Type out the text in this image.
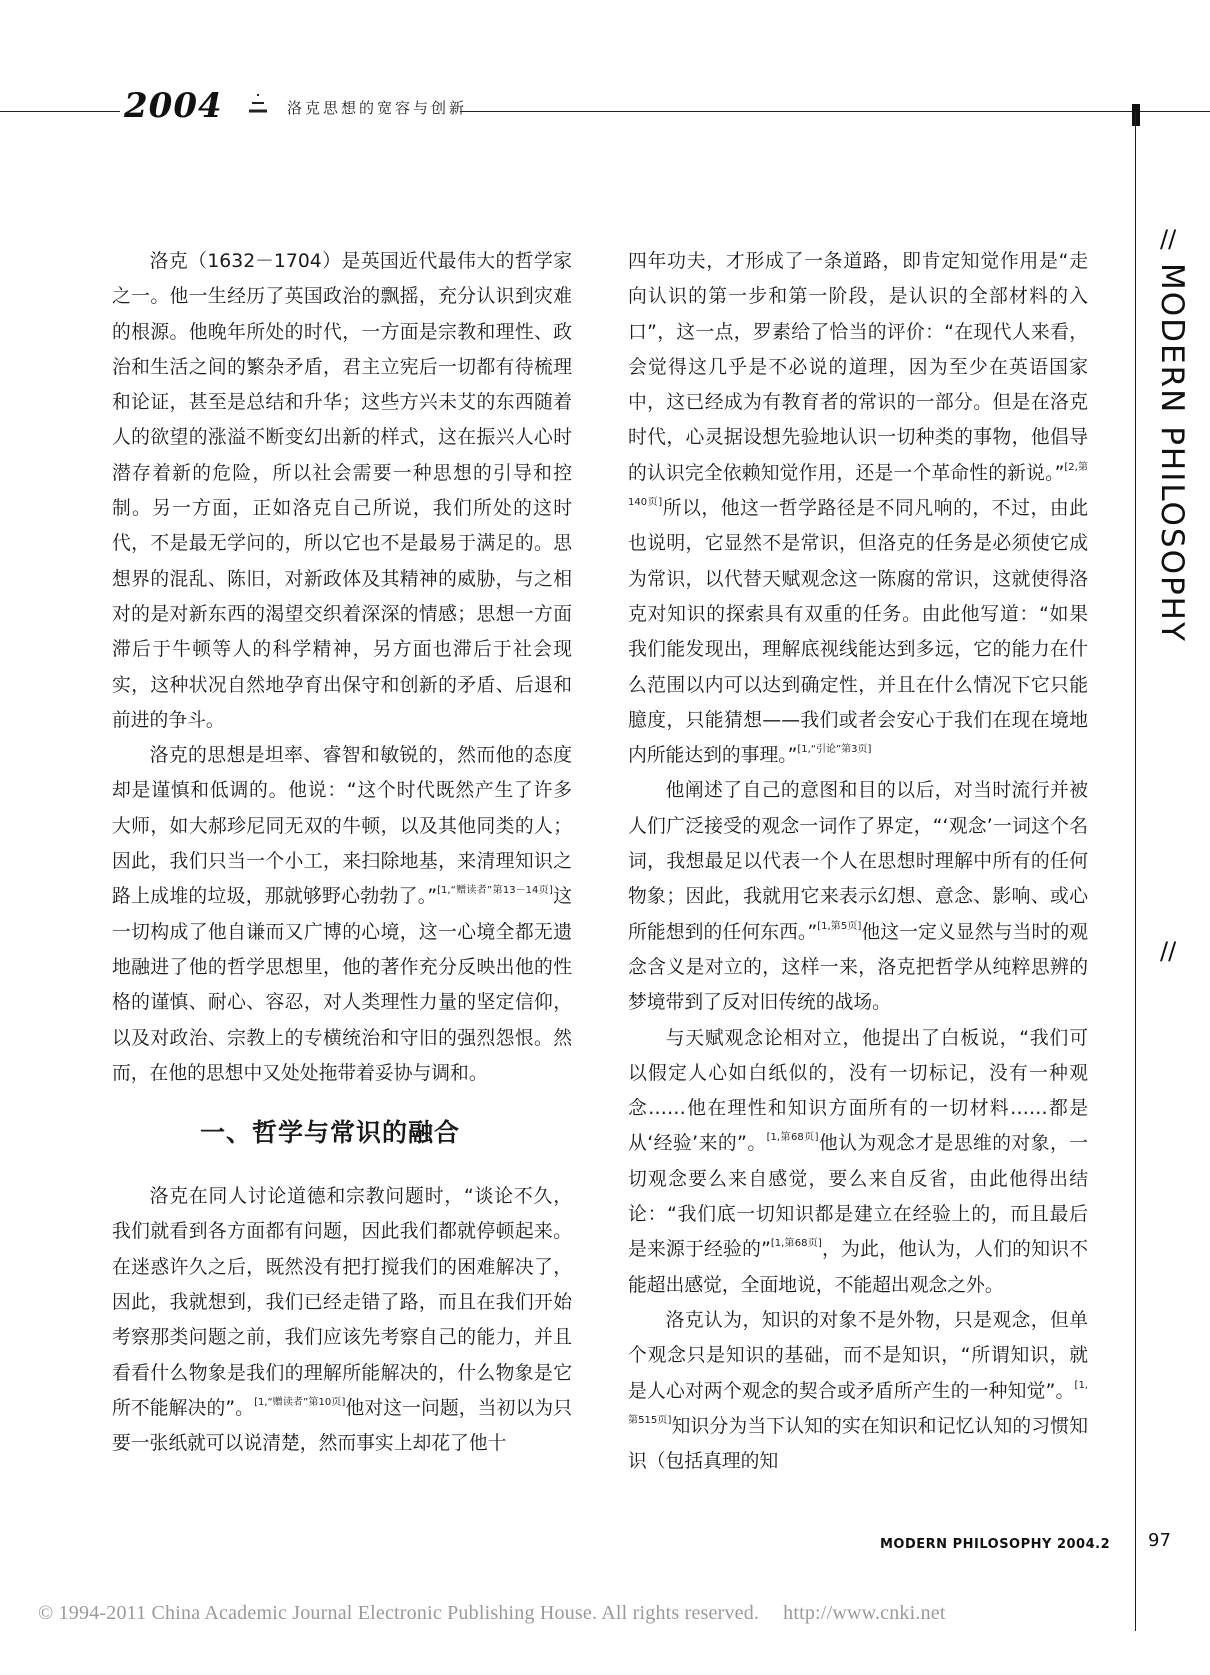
2004	洛克思想的宽容与创新
//
MODERN PHILOSOPHY
//

洛克（1632－1704）是英国近代最伟大的哲学家之一。他一生经历了英国政治的飘摇，充分认识到灾难的根源。他晚年所处的时代，一方面是宗教和理性、政治和生活之间的繁杂矛盾，君主立宪后一切都有待梳理和论证，甚至是总结和升华；这些方兴未艾的东西随着人的欲望的涨溢不断变幻出新的样式，这在振兴人心时潜存着新的危险，所以社会需要一种思想的引导和控制。另一方面，正如洛克自己所说，我们所处的这时代，不是最无学问的，所以它也不是最易于满足的。思想界的混乱、陈旧，对新政体及其精神的威胁，与之相对的是对新东西的渴望交织着深深的情感；思想一方面滞后于牛顿等人的科学精神，另方面也滞后于社会现实，这种状况自然地孕育出保守和创新的矛盾、后退和前进的争斗。

洛克的思想是坦率、睿智和敏锐的，然而他的态度却是谨慎和低调的。他说：“这个时代既然产生了许多大师，如大郝珍尼同无双的牛顿，以及其他同类的人；因此，我们只当一个小工，来扫除地基，来清理知识之路上成堆的垃圾，那就够野心勃勃了。”[1,“赠读者”第13－14页]这一切构成了他自谦而又广博的心境，这一心境全都无遗地融进了他的哲学思想里，他的著作充分反映出他的性格的谨慎、耐心、容忍，对人类理性力量的坚定信仰，以及对政治、宗教上的专横统治和守旧的强烈怨恨。然而，在他的思想中又处处拖带着妥协与调和。

一、哲学与常识的融合

洛克在同人讨论道德和宗教问题时，“谈论不久，我们就看到各方面都有问题，因此我们都就停顿起来。在迷惑许久之后，既然没有把打搅我们的困难解决了，因此，我就想到，我们已经走错了路，而且在我们开始考察那类问题之前，我们应该先考察自己的能力，并且看看什么物象是我们的理解所能解决的，什么物象是它所不能解决的”。[1,“赠读者”第10页]他对这一问题，当初以为只要一张纸就可以说清楚，然而事实上却花了他十

四年功夫，才形成了一条道路，即肯定知觉作用是“走向认识的第一步和第一阶段，是认识的全部材料的入口”，这一点，罗素给了恰当的评价：“在现代人来看，会觉得这几乎是不必说的道理，因为至少在英语国家中，这已经成为有教育者的常识的一部分。但是在洛克时代，心灵据设想先验地认识一切种类的事物，他倡导的认识完全依赖知觉作用，还是一个革命性的新说。”[2,第140页]所以，他这一哲学路径是不同凡响的，不过，由此也说明，它显然不是常识，但洛克的任务是必须使它成为常识，以代替天赋观念这一陈腐的常识，这就使得洛克对知识的探索具有双重的任务。由此他写道：“如果我们能发现出，理解底视线能达到多远，它的能力在什么范围以内可以达到确定性，并且在什么情况下它只能臆度，只能猜想——我们或者会安心于我们在现在境地内所能达到的事理。”[1,“引论”第3页]

他阐述了自己的意图和目的以后，对当时流行并被人们广泛接受的观念一词作了界定，“‘观念’一词这个名词，我想最足以代表一个人在思想时理解中所有的任何物象；因此，我就用它来表示幻想、意念、影响、或心所能想到的任何东西。”[1,第5页]他这一定义显然与当时的观念含义是对立的，这样一来，洛克把哲学从纯粹思辨的梦境带到了反对旧传统的战场。

与天赋观念论相对立，他提出了白板说，“我们可以假定人心如白纸似的，没有一切标记，没有一种观念……他在理性和知识方面所有的一切材料……都是从‘经验’来的”。[1,第68页]他认为观念才是思维的对象，一切观念要么来自感觉，要么来自反省，由此他得出结论：“我们底一切知识都是建立在经验上的，而且最后是来源于经验的”[1,第68页]，为此，他认为，人们的知识不能超出感觉，全面地说，不能超出观念之外。

洛克认为，知识的对象不是外物，只是观念，但单个观念只是知识的基础，而不是知识，“所谓知识，就是人心对两个观念的契合或矛盾所产生的一种知觉”。[1,第515页]知识分为当下认知的实在知识和记忆认知的习惯知识（包括真理的知

MODERN PHILOSOPHY 2004.2 97
© 1994-2011 China Academic Journal Electronic Publishing House. All rights reserved. http://www.cnki.net
